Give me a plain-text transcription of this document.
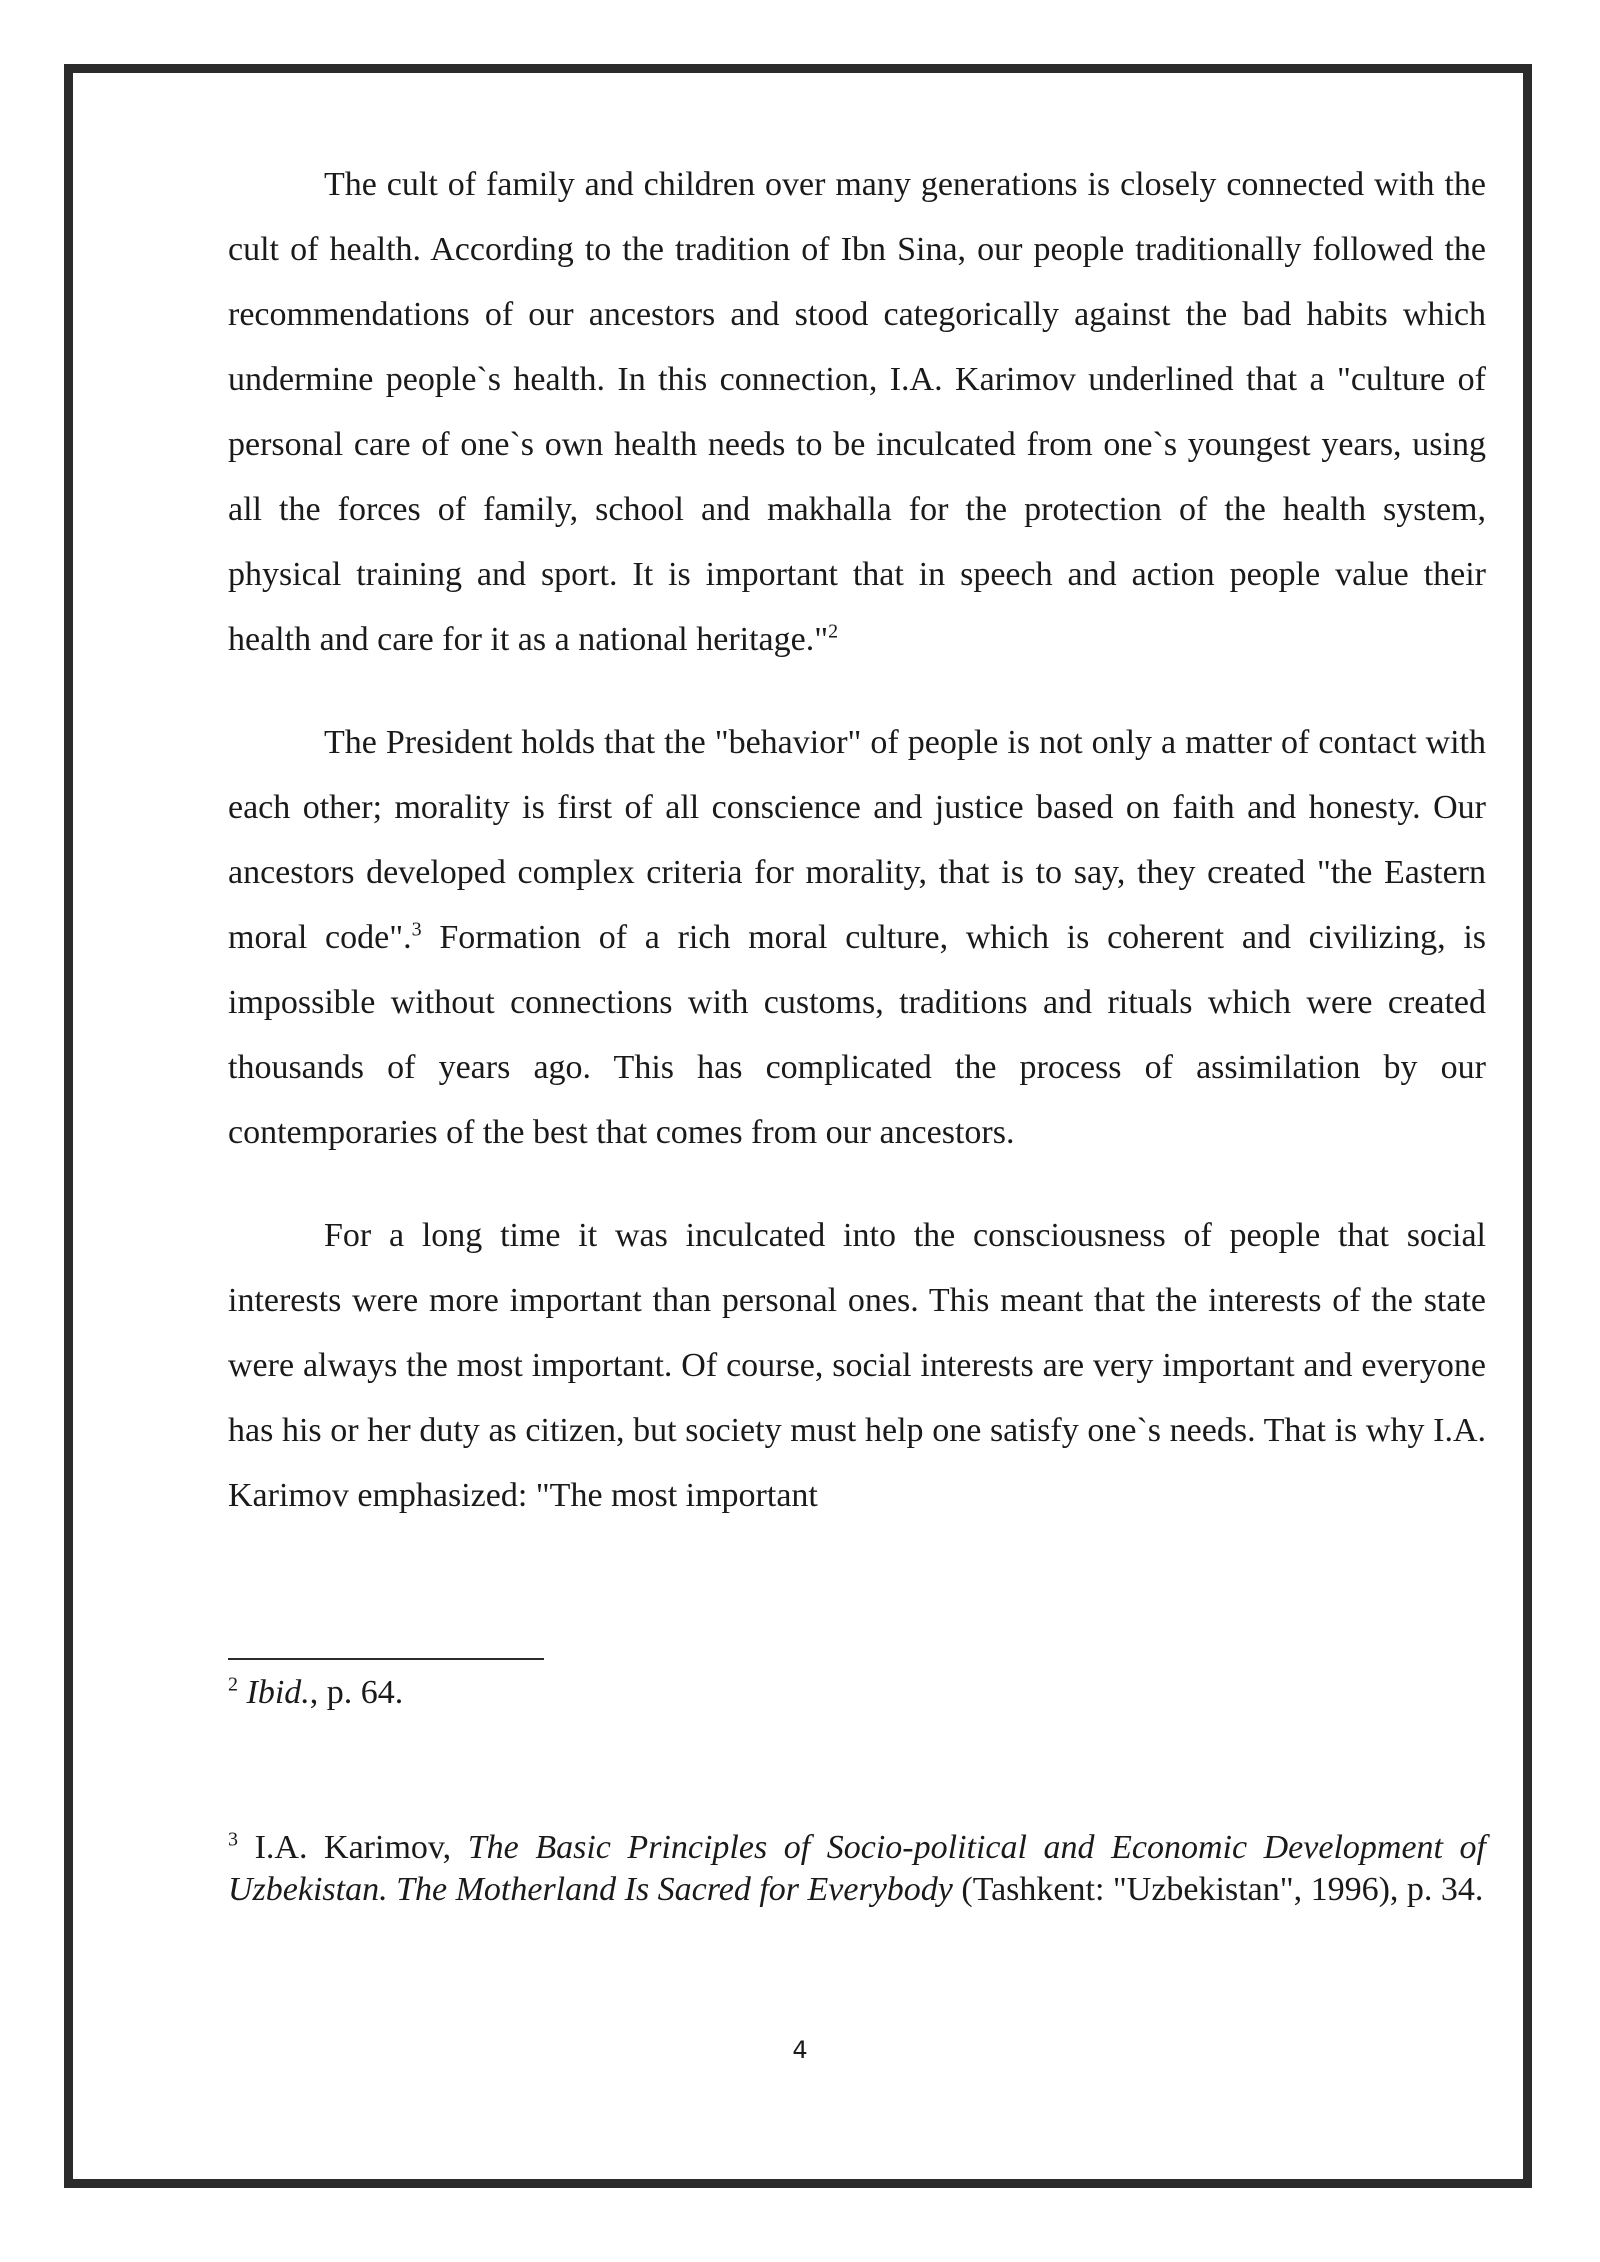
The cult of family and children over many generations is closely connected with the cult of health. According to the tradition of Ibn Sina, our people traditionally followed the recommendations of our ancestors and stood categorically against the bad habits which undermine people`s health. In this connection, I.A. Karimov underlined that a "culture of personal care of one`s own health needs to be inculcated from one`s youngest years, using all the forces of family, school and makhalla for the protection of the health system, physical training and sport. It is important that in speech and action people value their health and care for it as a national heritage."$^2$

The President holds that the "behavior" of people is not only a matter of contact with each other; morality is first of all conscience and justice based on faith and honesty. Our ancestors developed complex criteria for morality, that is to say, they created "the Eastern moral code".$^3$ Formation of a rich moral culture, which is coherent and civilizing, is impossible without connections with customs, traditions and rituals which were created thousands of years ago. This has complicated the process of assimilation by our contemporaries of the best that comes from our ancestors.

For a long time it was inculcated into the consciousness of people that social interests were more important than personal ones. This meant that the interests of the state were always the most important. Of course, social interests are very important and everyone has his or her duty as citizen, but society must help one satisfy one`s needs. That is why I.A. Karimov emphasized: "The most important

$^2$ Ibid., p. 64.

$^3$ I.A. Karimov, The Basic Principles of Socio-political and Economic Development of Uzbekistan. The Motherland Is Sacred for Everybody (Tashkent: "Uzbekistan", 1996), p. 34.

4
